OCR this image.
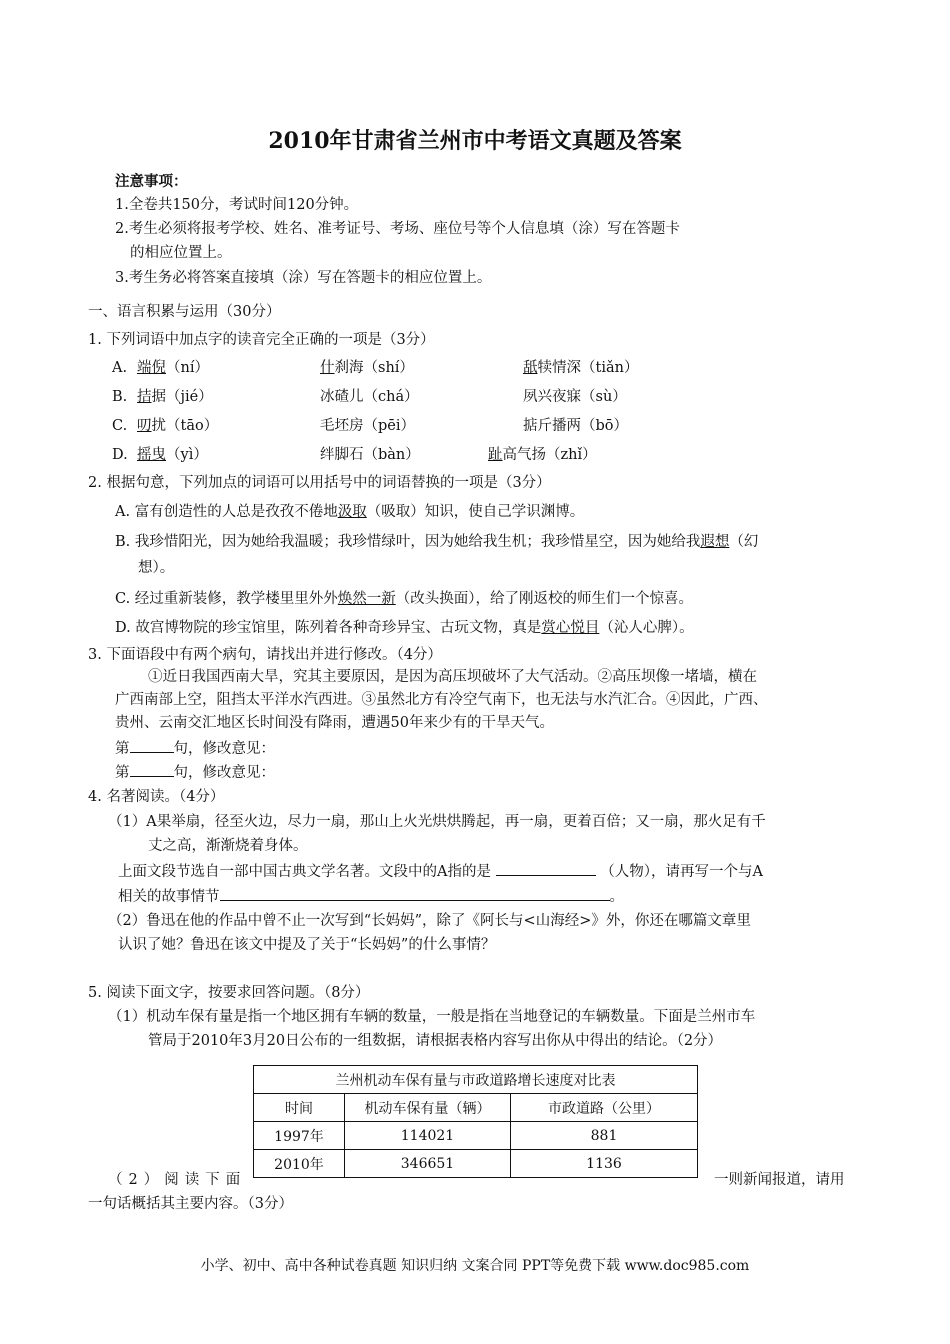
2010年甘肃省兰州市中考语文真题及答案
注意事项：
1.全卷共150分，考试时间120分钟。
2.考生必须将报考学校、姓名、准考证号、考场、座位号等个人信息填（涂）写在答题卡
的相应位置上。
3.考生务必将答案直接填（涂）写在答题卡的相应位置上。
一、语言积累与运用（30分）
1. 下列词语中加点字的读音完全正确的一项是（3分）
A. 端倪（ní）	什刹海（shí）	舐犊情深（tiǎn）
B. 拮据（jié）	冰碴儿（chá）	夙兴夜寐（sù）
C. 叨扰（tāo）	毛坯房（pēi）	掂斤播两（bō）
D. 摇曳（yì）	绊脚石（bàn）	趾高气扬（zhǐ）
2. 根据句意，下列加点的词语可以用括号中的词语替换的一项是（3分）
A. 富有创造性的人总是孜孜不倦地汲取（吸取）知识，使自己学识渊博。
B. 我珍惜阳光，因为她给我温暖；我珍惜绿叶，因为她给我生机；我珍惜星空，因为她给我遐想（幻
想）。
C. 经过重新装修，教学楼里里外外焕然一新（改头换面），给了刚返校的师生们一个惊喜。
D. 故宫博物院的珍宝馆里，陈列着各种奇珍异宝、古玩文物，真是赏心悦目（沁人心脾）。
3. 下面语段中有两个病句，请找出并进行修改。（4分）
①近日我国西南大旱，究其主要原因，是因为高压坝破坏了大气活动。②高压坝像一堵墙，横在
广西南部上空，阻挡太平洋水汽西进。③虽然北方有冷空气南下，也无法与水汽汇合。④因此，广西、
贵州、云南交汇地区长时间没有降雨，遭遇50年来少有的干旱天气。
第	句，修改意见：
第	句，修改意见：
4. 名著阅读。（4分）
（1）A果举扇，径至火边，尽力一扇，那山上火光烘烘腾起，再一扇，更着百倍；又一扇，那火足有千
丈之高，渐渐烧着身体。
上面文段节选自一部中国古典文学名著。文段中的A指的是	（人物），请再写一个与A
相关的故事情节	。
（2）鲁迅在他的作品中曾不止一次写到“长妈妈”，除了《阿长与<山海经>》外，你还在哪篇文章里
认识了她？鲁迅在该文中提及了关于“长妈妈”的什么事情？
5. 阅读下面文字，按要求回答问题。（8分）
（1）机动车保有量是指一个地区拥有车辆的数量，一般是指在当地登记的车辆数量。下面是兰州市车
管局于2010年3月20日公布的一组数据，请根据表格内容写出你从中得出的结论。（2分）
兰州机动车保有量与市政道路增长速度对比表		
时间	机动车保有量（辆）	市政道路（公里）
1997年	114021	881
2010年	346651	1136
（2）阅读下面	一则新闻报道，请用
一句话概括其主要内容。（3分）
小学、初中、高中各种试卷真题 知识归纳 文案合同 PPT等免费下载 www.doc985.com
